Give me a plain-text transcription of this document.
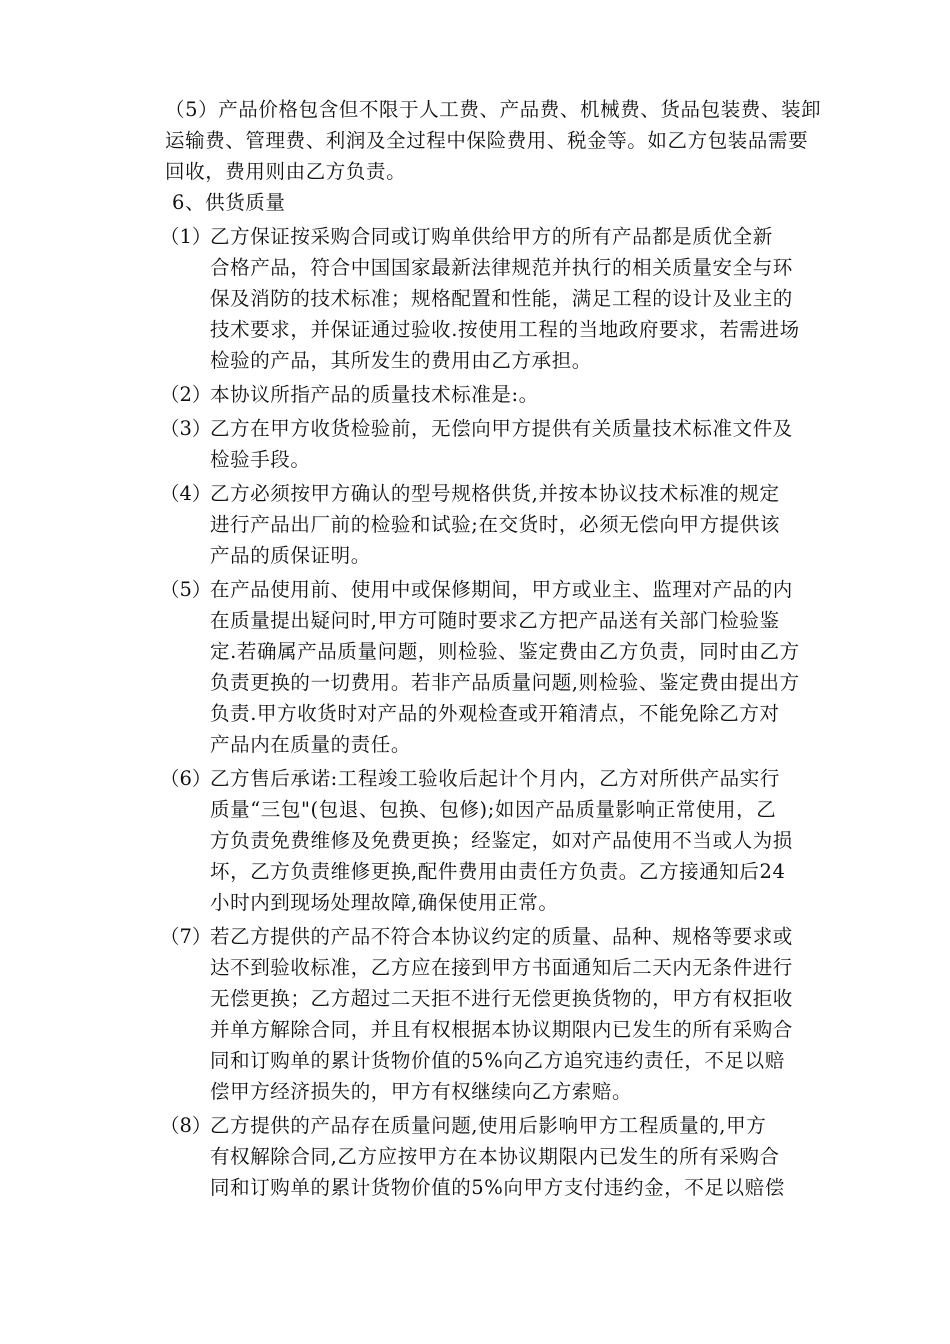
（5）产品价格包含但不限于人工费、产品费、机械费、货品包装费、装卸
运输费、管理费、利润及全过程中保险费用、税金等。如乙方包装品需要
回收，费用则由乙方负责。
6、供货质量
（1）
乙方保证按采购合同或订购单供给甲方的所有产品都是质优全新
合格产品，符合中国国家最新法律规范并执行的相关质量安全与环
保及消防的技术标准；规格配置和性能，满足工程的设计及业主的
技术要求，并保证通过验收.按使用工程的当地政府要求，若需进场
检验的产品，其所发生的费用由乙方承担。
（2）
本协议所指产品的质量技术标准是:。
（3）
乙方在甲方收货检验前，无偿向甲方提供有关质量技术标准文件及
检验手段。
（4）
乙方必须按甲方确认的型号规格供货,并按本协议技术标准的规定
进行产品出厂前的检验和试验;在交货时，必须无偿向甲方提供该
产品的质保证明。
（5）
在产品使用前、使用中或保修期间，甲方或业主、监理对产品的内
在质量提出疑问时,甲方可随时要求乙方把产品送有关部门检验鉴
定.若确属产品质量问题，则检验、鉴定费由乙方负责，同时由乙方
负责更换的一切费用。若非产品质量问题,则检验、鉴定费由提出方
负责.甲方收货时对产品的外观检查或开箱清点，不能免除乙方对
产品内在质量的责任。
（6）
乙方售后承诺:工程竣工验收后起计个月内，乙方对所供产品实行
质量“三包"(包退、包换、包修);如因产品质量影响正常使用，乙
方负责免费维修及免费更换；经鉴定，如对产品使用不当或人为损
坏，乙方负责维修更换,配件费用由责任方负责。乙方接通知后24
小时内到现场处理故障,确保使用正常。
（7）
若乙方提供的产品不符合本协议约定的质量、品种、规格等要求或
达不到验收标准，乙方应在接到甲方书面通知后二天内无条件进行
无偿更换；乙方超过二天拒不进行无偿更换货物的，甲方有权拒收
并单方解除合同，并且有权根据本协议期限内已发生的所有采购合
同和订购单的累计货物价值的5%向乙方追究违约责任，不足以赔
偿甲方经济损失的，甲方有权继续向乙方索赔。
（8）
乙方提供的产品存在质量问题,使用后影响甲方工程质量的,甲方
有权解除合同,乙方应按甲方在本协议期限内已发生的所有采购合
同和订购单的累计货物价值的5%向甲方支付违约金，不足以赔偿
